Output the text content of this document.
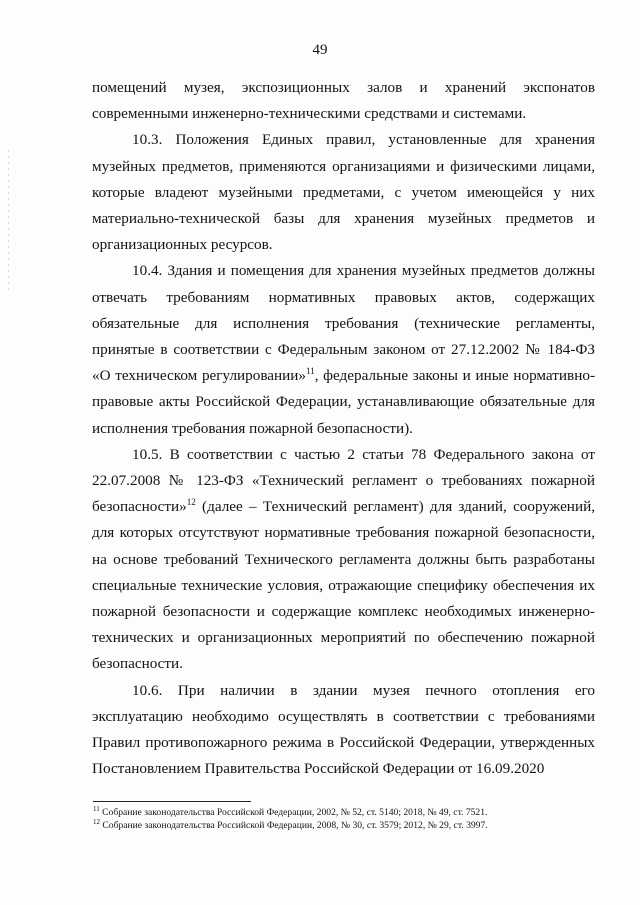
49

помещений музея, экспозиционных залов и хранений экспонатов современными инженерно-техническими средствами и системами.

10.3. Положения Единых правил, установленные для хранения музейных предметов, применяются организациями и физическими лицами, которые владеют музейными предметами, с учетом имеющейся у них материально-технической базы для хранения музейных предметов и организационных ресурсов.

10.4. Здания и помещения для хранения музейных предметов должны отвечать требованиям нормативных правовых актов, содержащих обязательные для исполнения требования (технические регламенты, принятые в соответствии с Федеральным законом от 27.12.2002 № 184-ФЗ «О техническом регулировании»$^{11}$, федеральные законы и иные нормативно-правовые акты Российской Федерации, устанавливающие обязательные для исполнения требования пожарной безопасности).

10.5. В соответствии с частью 2 статьи 78 Федерального закона от 22.07.2008 № 123-ФЗ «Технический регламент о требованиях пожарной безопасности»$^{12}$ (далее – Технический регламент) для зданий, сооружений, для которых отсутствуют нормативные требования пожарной безопасности, на основе требований Технического регламента должны быть разработаны специальные технические условия, отражающие специфику обеспечения их пожарной безопасности и содержащие комплекс необходимых инженерно-технических и организационных мероприятий по обеспечению пожарной безопасности.

10.6. При наличии в здании музея печного отопления его эксплуатацию необходимо осуществлять в соответствии с требованиями Правил противопожарного режима в Российской Федерации, утвержденных Постановлением Правительства Российской Федерации от 16.09.2020

$^{11}$ Собрание законодательства Российской Федерации, 2002, № 52, ст. 5140; 2018, № 49, ст. 7521.
$^{12}$ Собрание законодательства Российской Федерации, 2008, № 30, ст. 3579; 2012, № 29, ст. 3997.
